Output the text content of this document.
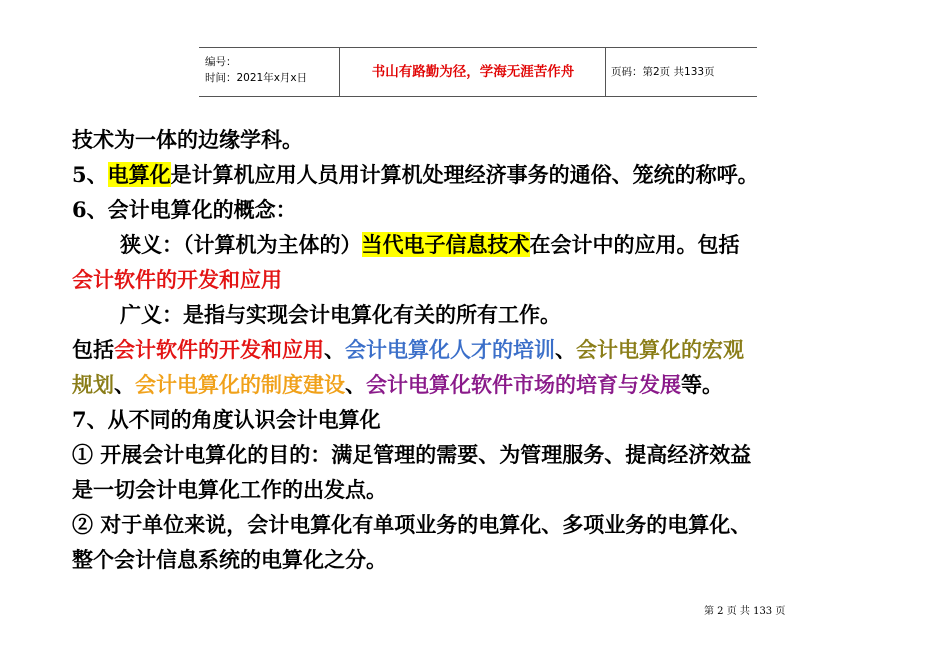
编号：
时间：2021年x月x日	书山有路勤为径，学海无涯苦作舟	页码：第2页 共133页
技术为一体的边缘学科。
5、电算化是计算机应用人员用计算机处理经济事务的通俗、笼统的称呼。
6、会计电算化的概念：
狭义：（计算机为主体的）当代电子信息技术在会计中的应用。包括
会计软件的开发和应用
广义：是指与实现会计电算化有关的所有工作。
包括会计软件的开发和应用、会计电算化人才的培训、会计电算化的宏观
规划、会计电算化的制度建设、会计电算化软件市场的培育与发展等。
7、从不同的角度认识会计电算化
① 开展会计电算化的目的：满足管理的需要、为管理服务、提高经济效益
是一切会计电算化工作的出发点。
② 对于单位来说，会计电算化有单项业务的电算化、多项业务的电算化、
整个会计信息系统的电算化之分。
第 2 页 共 133 页
